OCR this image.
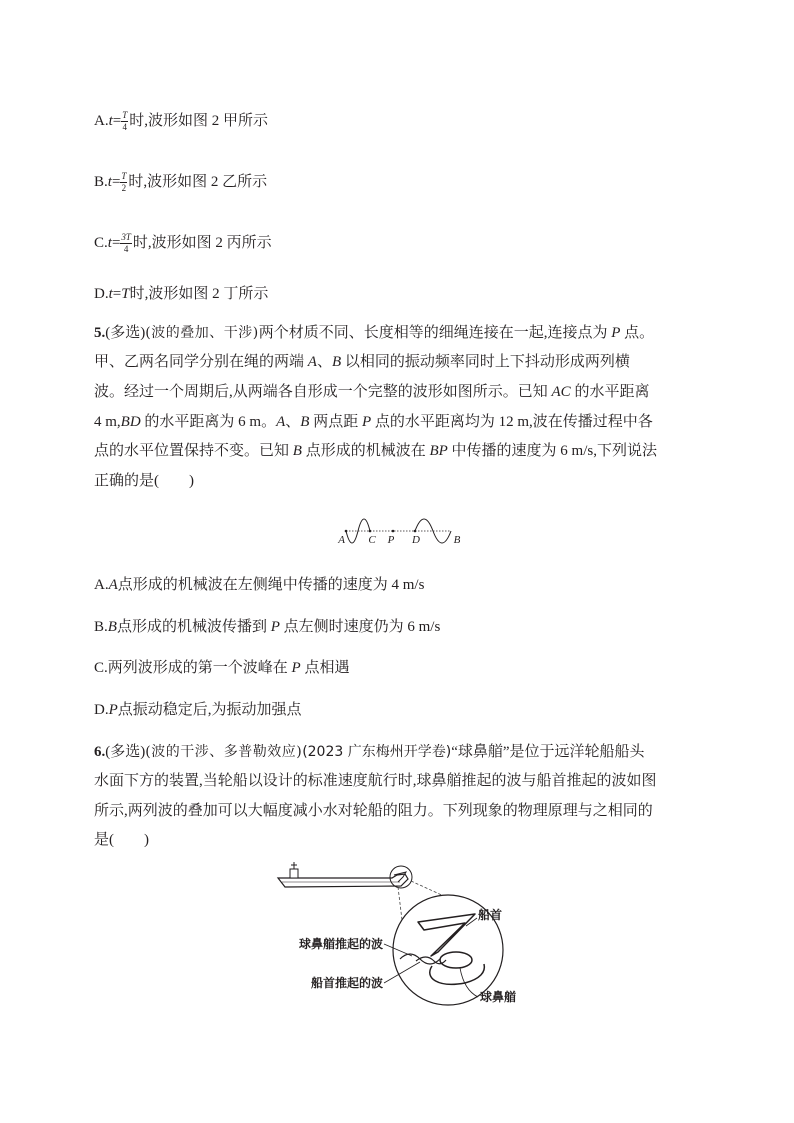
$A.t= \frac{T}{4}$ 时,波形如图 2 甲所示
$B.t= \frac{T}{2}$ 时,波形如图 2 乙所示
$C.t= \frac{3T}{4}$ 时,波形如图 2 丙所示
D.t=T时,波形如图 2 丁所示
5.(多选)(波的叠加、干涉)两个材质不同、长度相等的细绳连接在一起,连接点为 P 点。
甲、乙两名同学分别在绳的两端 A、B 以相同的振动频率同时上下抖动形成两列横
波。经过一个周期后,从两端各自形成一个完整的波形如图所示。已知 AC 的水平距离
4 m,BD 的水平距离为 6 m。A、B 两点距 P 点的水平距离均为 12 m,波在传播过程中各
点的水平位置保持不变。已知 B 点形成的机械波在 BP 中传播的速度为 6 m/s,下列说法
正确的是(　　)
A C P D	B
A.A点形成的机械波在左侧绳中传播的速度为 4 m/s
B.B点形成的机械波传播到 P 点左侧时速度仍为 6 m/s
C.两列波形成的第一个波峰在 P 点相遇
D.P点振动稳定后,为振动加强点
6.(多选)(波的干涉、多普勒效应)(2023 广东梅州开学卷)“球鼻艏”是位于远洋轮船船头
水面下方的装置,当轮船以设计的标准速度航行时,球鼻艏推起的波与船首推起的波如图
所示,两列波的叠加可以大幅度减小水对轮船的阻力。下列现象的物理原理与之相同的
是(　　)
船首
球鼻艏推起的波
船首推起的波
球鼻艏
